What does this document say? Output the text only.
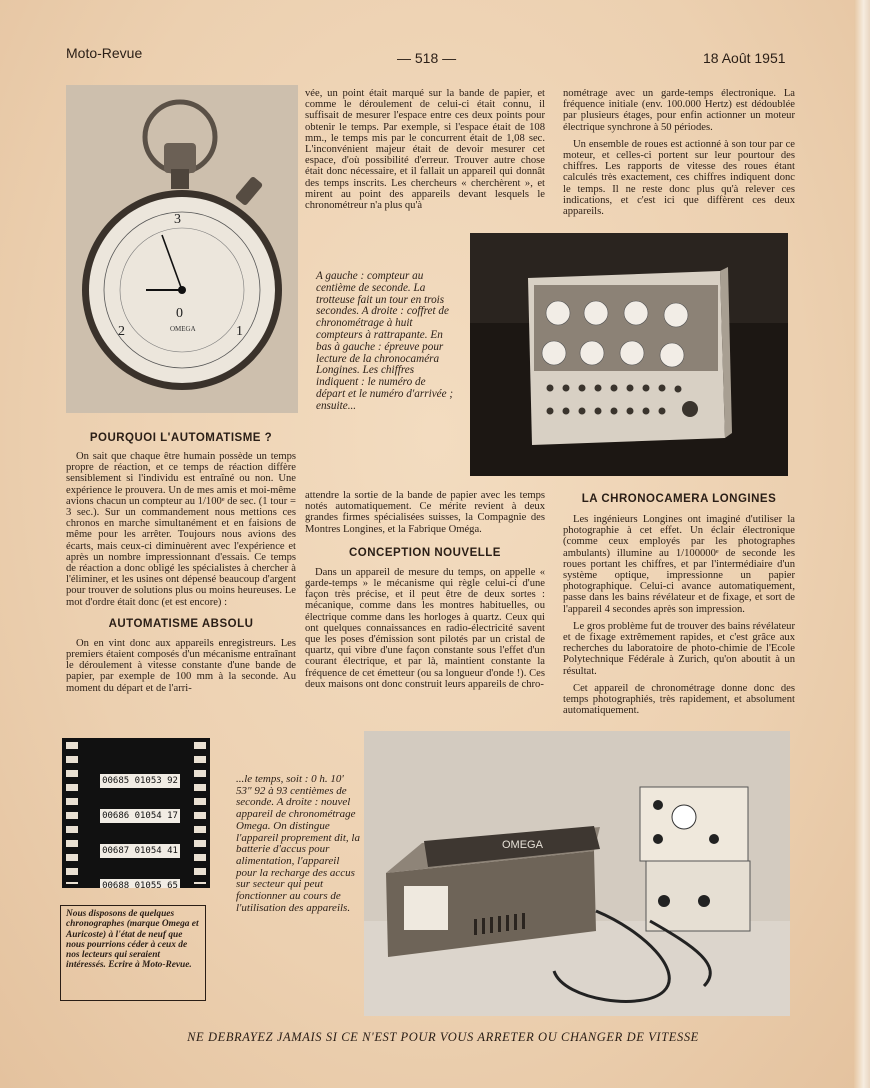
Moto-Revue	— 518 —	18 Août 1951
3
2	1
0
OMEGA
vée, un point était marqué sur la bande de papier, et comme le déroulement de celui-ci était connu, il suffisait de mesurer l'espace entre ces deux points pour obtenir le temps. Par exemple, si l'espace était de 108 mm., le temps mis par le concurrent était de 1,08 sec. L'inconvénient majeur était de devoir mesurer cet espace, d'où possibilité d'erreur. Trouver autre chose était donc nécessaire, et il fallait un appareil qui donnât des temps inscrits. Les chercheurs « cherchèrent », et mirent au point des appareils devant lesquels le chronométreur n'a plus qu'à

nométrage avec un garde-temps électronique. La fréquence initiale (env. 100.000 Hertz) est dédoublée par plusieurs étages, pour enfin actionner un moteur électrique synchrone à 50 périodes.

Un ensemble de roues est actionné à son tour par ce moteur, et celles-ci portent sur leur pourtour des chiffres. Les rapports de vitesse des roues étant calculés très exactement, ces chiffres indiquent donc le temps. Il ne reste donc plus qu'à relever ces indications, et c'est ici que diffèrent ces deux appareils.

A gauche : compteur au centième de seconde. La trotteuse fait un tour en trois secondes. A droite : coffret de chronométrage à huit compteurs à rattrapante. En bas à gauche : épreuve pour lecture de la chronocaméra Longines. Les chiffres indiquent : le numéro de départ et le numéro d'arrivée ; ensuite...
POURQUOI L'AUTOMATISME ?

On sait que chaque être humain possède un temps propre de réaction, et ce temps de réaction diffère sensiblement si l'individu est entraîné ou non. Une expérience le prouvera. Un de mes amis et moi-même avions chacun un compteur au 1/100ᵉ de sec. (1 tour = 3 sec.). Sur un commandement nous mettions ces chronos en marche simultanément et en faisions de même pour les arrêter. Toujours nous avions des écarts, mais ceux-ci diminuèrent avec l'expérience et après un nombre impressionnant d'essais. Ce temps de réaction a donc obligé les spécialistes à chercher à l'éliminer, et les usines ont dépensé beaucoup d'argent pour trouver de solutions plus ou moins heureuses. Le mot d'ordre était donc (et est encore) :

AUTOMATISME ABSOLU

On en vint donc aux appareils enregistreurs. Les premiers étaient composés d'un mécanisme entraînant le déroulement à vitesse constante d'une bande de papier, par exemple de 100 mm à la seconde. Au moment du départ et de l'arri-

attendre la sortie de la bande de papier avec les temps notés automatiquement. Ce mérite revient à deux grandes firmes spécialisées suisses, la Compagnie des Montres Longines, et la Fabrique Oméga.

CONCEPTION NOUVELLE

Dans un appareil de mesure du temps, on appelle « garde-temps » le mécanisme qui règle celui-ci d'une façon très précise, et il peut être de deux sortes : mécanique, comme dans les montres habituelles, ou électrique comme dans les horloges à quartz. Ceux qui ont quelques connaissances en radio-électricité savent que les poses d'émission sont pilotés par un cristal de quartz, qui vibre d'une façon constante sous l'effet d'un courant électrique, et par là, maintient constante la fréquence de cet émetteur (ou sa longueur d'onde !). Ces deux maisons ont donc construit leurs appareils de chro-

LA CHRONOCAMERA LONGINES

Les ingénieurs Longines ont imaginé d'utiliser la photographie à cet effet. Un éclair électronique (comme ceux employés par les photographes ambulants) illumine au 1/100000ᵉ de seconde les roues portant les chiffres, et par l'intermédiaire d'un système optique, impressionne un papier photographique. Celui-ci avance automatiquement, passe dans les bains révélateur et de fixage, et sort de l'appareil 4 secondes après son impression.

Le gros problème fut de trouver des bains révélateur et de fixage extrêmement rapides, et c'est grâce aux recherches du laboratoire de photo-chimie de l'Ecole Polytechnique Fédérale à Zurich, qu'on aboutit à un résultat.

Cet appareil de chronométrage donne donc des temps photographiés, très rapidement, et absolument automatiquement.

00685 01053 92
00686 01054 17
00687 01054 41
00688 01055 65
Nous disposons de quelques chronographes (marque Omega et Auricoste) à l'état de neuf que nous pourrions céder à ceux de nos lecteurs qui seraient intéressés. Ecrire à Moto-Revue.
...le temps, soit : 0 h. 10' 53" 92 à 93 centièmes de seconde. A droite : nouvel appareil de chronométrage Omega. On distingue l'appareil proprement dit, la batterie d'accus pour alimentation, l'appareil pour la recharge des accus sur secteur qui peut fonctionner au cours de l'utilisation des appareils.
OMEGA
NE DEBRAYEZ JAMAIS SI CE N'EST POUR VOUS ARRETER OU CHANGER DE VITESSE
